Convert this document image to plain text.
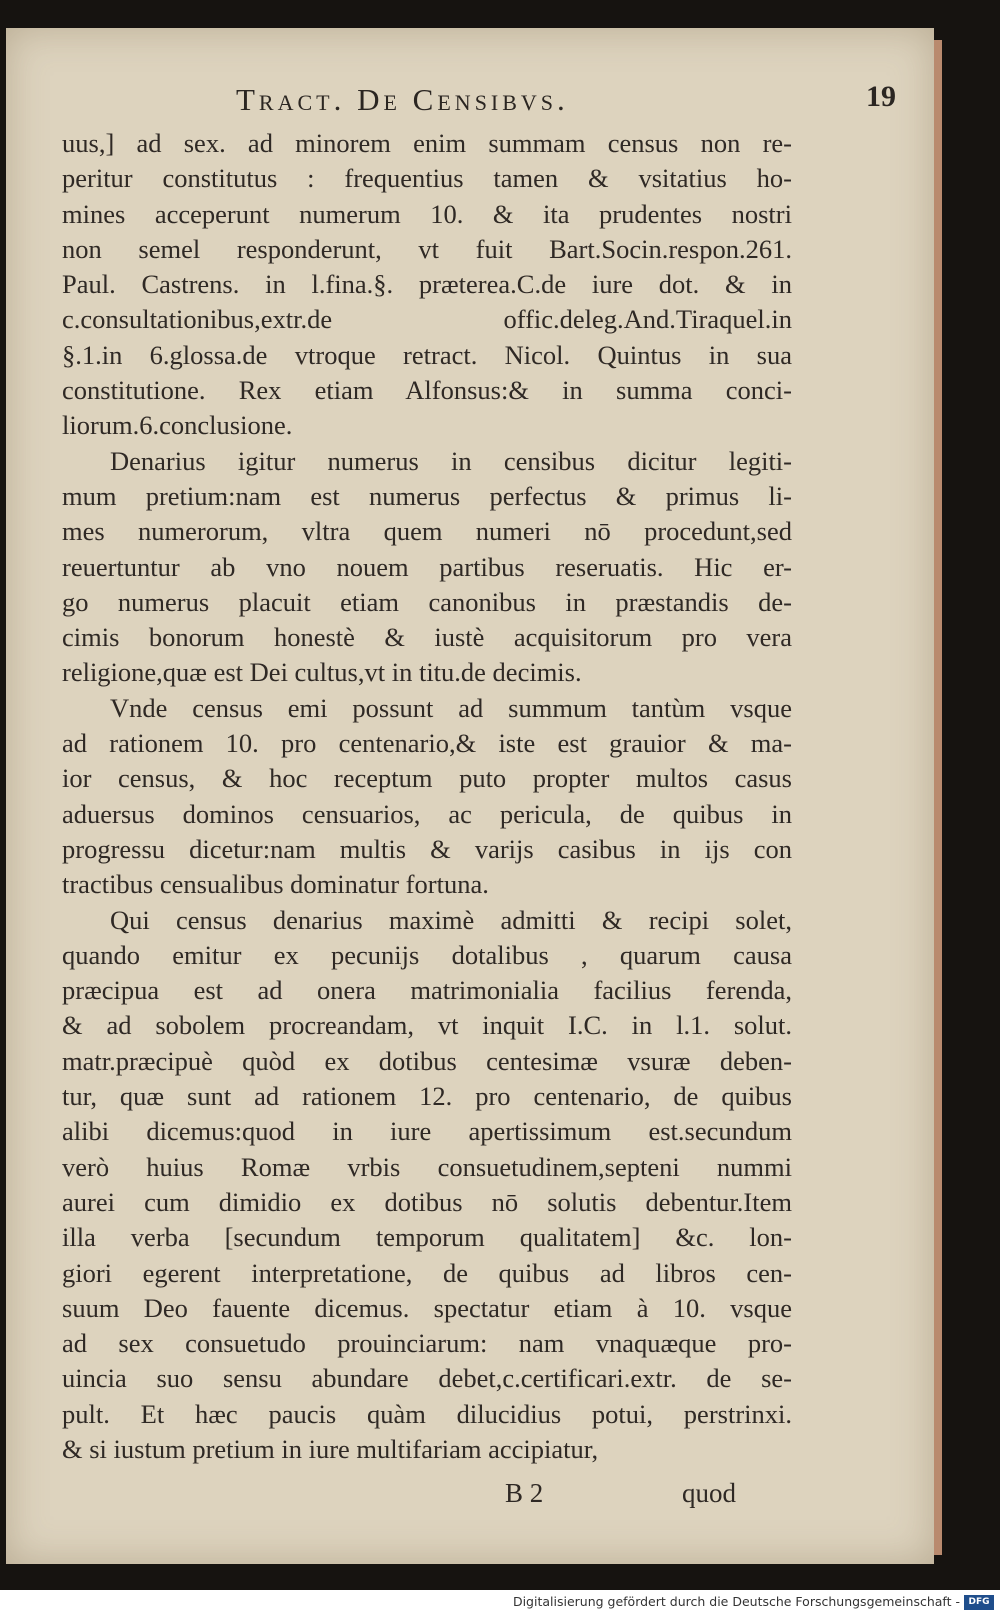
Tract. De Censibvs.	19
uus,] ad sex. ad minorem enim summam census non re-
peritur constitutus : frequentius tamen & vsitatius ho-
mines acceperunt numerum 10. & ita prudentes nostri
non semel responderunt, vt fuit Bart.Socin.respon.261.
Paul. Castrens. in l.fina.§. præterea.C.de iure dot. & in
c.consultationibus,extr.de offic.deleg.And.Tiraquel.in
§.1.in 6.glossa.de vtroque retract. Nicol. Quintus in sua
constitutione. Rex etiam Alfonsus:& in summa conci-
liorum.6.conclusione.
Denarius igitur numerus in censibus dicitur legiti-
mum pretium:nam est numerus perfectus & primus li-
mes numerorum, vltra quem numeri nō procedunt,sed
reuertuntur ab vno nouem partibus reseruatis. Hic er-
go numerus placuit etiam canonibus in præstandis de-
cimis bonorum honestè & iustè acquisitorum pro vera
religione,quæ est Dei cultus,vt in titu.de decimis.
Vnde census emi possunt ad summum tantùm vsque
ad rationem 10. pro centenario,& iste est grauior & ma-
ior census, & hoc receptum puto propter multos casus
aduersus dominos censuarios, ac pericula, de quibus in
progressu dicetur:nam multis & varijs casibus in ijs con
tractibus censualibus dominatur fortuna.
Qui census denarius maximè admitti & recipi solet,
quando emitur ex pecunijs dotalibus , quarum causa
præcipua est ad onera matrimonialia facilius ferenda,
& ad sobolem procreandam, vt inquit I.C. in l.1. solut.
matr.præcipuè quòd ex dotibus centesimæ vsuræ deben-
tur, quæ sunt ad rationem 12. pro centenario, de quibus
alibi dicemus:quod in iure apertissimum est.secundum
verò huius Romæ vrbis consuetudinem,septeni nummi
aurei cum dimidio ex dotibus nō solutis debentur.Item
illa verba [secundum temporum qualitatem] &c. lon-
giori egerent interpretatione, de quibus ad libros cen-
suum Deo fauente dicemus. spectatur etiam à 10. vsque
ad sex consuetudo prouinciarum: nam vnaquæque pro-
uincia suo sensu abundare debet,c.certificari.extr. de se-
pult. Et hæc paucis quàm dilucidius potui, perstrinxi.
& si iustum pretium in iure multifariam accipiatur,
B 2	quod
Digitalisierung gefördert durch die Deutsche Forschungsgemeinschaft - DFG
